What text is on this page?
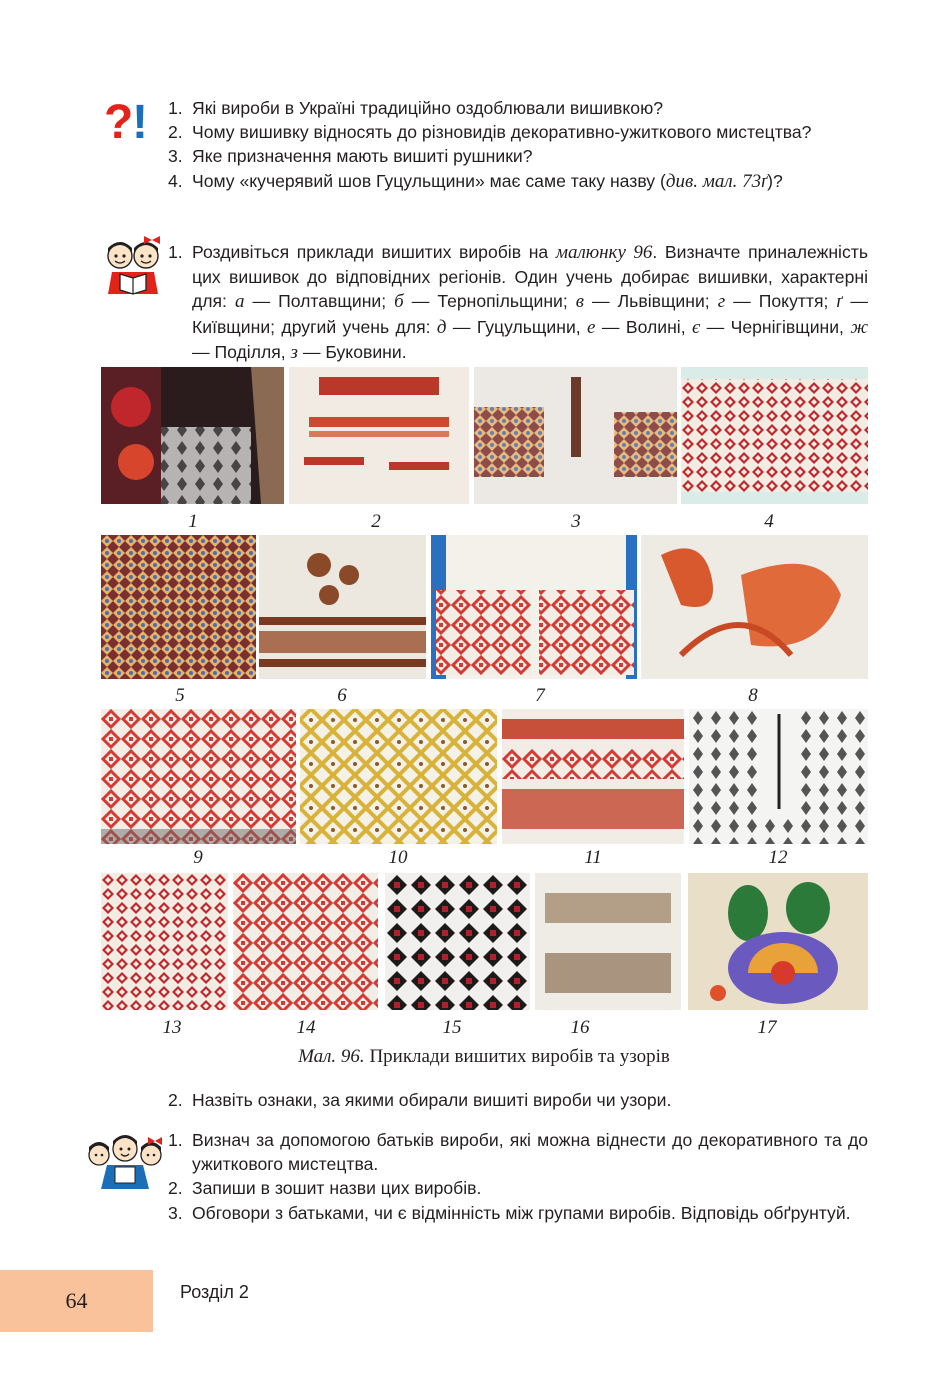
?
! 1. Які вироби в Україні традиційно оздоблювали вишивкою?
2. Чому вишивку відносять до різновидів декоративно-ужиткового мистецтва?
3. Яке призначення мають вишиті рушники?
4. Чому «кучерявий шов Гуцульщини» має саме таку назву (див. мал. 73ґ)?
1. Роздивіться приклади вишитих виробів на малюнку 96. Визначте приналежність цих вишивок до відповідних регіонів. Один учень добирає вишивки, характерні для: а — Полтавщини; б — Тернопільщини; в — Львівщини; г — Покуття; ґ — Київщини; другий учень для: д — Гуцульщини, е — Волині, є — Чернігівщини, ж — Поділля, з — Буковини.
1	2	3	4
5	6	7	8
9	10	11	12
13	14	15	16	17
Мал. 96. Приклади вишитих виробів та узорів
2. Назвіть ознаки, за якими обирали вишиті вироби чи узори.
1. Визнач за допомогою батьків вироби, які можна віднести до декоративного та до ужиткового мистецтва.
2. Запиши в зошит назви цих виробів.
3. Обговори з батьками, чи є відмінність між групами виробів. Відповідь обґрунтуй.
64	Розділ 2
